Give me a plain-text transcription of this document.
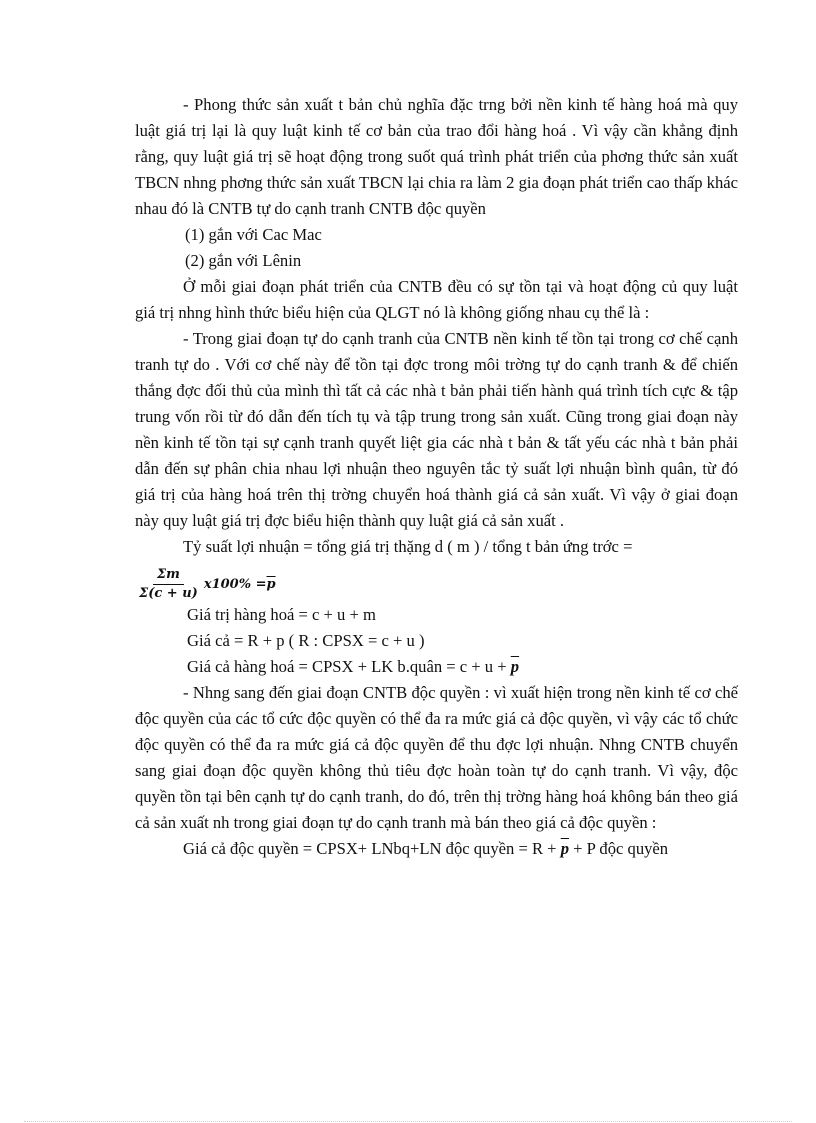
- Phong thức sản xuất t bản chủ nghĩa đặc trng bởi nền kinh tế hàng hoá mà quy luật giá trị lại là quy luật kinh tế cơ bản của trao đổi hàng hoá . Vì vậy cần khẳng định rằng, quy luật giá trị sẽ hoạt động trong suốt quá trình phát triển của phơng thức sản xuất TBCN nhng phơng thức sản xuất TBCN lại chia ra làm 2 gia đoạn phát triển cao thấp khác nhau đó là CNTB tự do cạnh tranh CNTB độc quyền

(1) gắn với Cac Mac

(2) gắn với Lênin

Ở mỗi giai đoạn phát triển của CNTB đều có sự tồn tại và hoạt động củ quy luật giá trị nhng hình thức biểu hiện của QLGT nó là không giống nhau cụ thể là :

- Trong giai đoạn tự do cạnh tranh của CNTB nền kinh tế tồn tại trong cơ chế cạnh tranh tự do . Với cơ chế này để tồn tại đợc trong môi trờng tự do cạnh tranh & để chiến thắng đợc đối thủ của mình thì tất cả các nhà t bản phải tiến hành quá trình tích cực & tập trung vốn rồi từ đó dẫn đến tích tụ và tập trung trong sản xuất. Cũng trong giai đoạn này nền kinh tế tồn tại sự cạnh tranh quyết liệt gia các nhà t bản & tất yếu các nhà t bản phải dẫn đến sự phân chia nhau lợi nhuận theo nguyên tắc tỷ suất lợi nhuận bình quân, từ đó giá trị của hàng hoá trên thị trờng chuyển hoá thành giá cả sản xuất. Vì vậy ở giai đoạn này quy luật giá trị đợc biểu hiện thành quy luật giá cả sản xuất .

Tỷ suất lợi nhuận = tổng giá trị thặng d ( m ) / tổng t bản ứng trớc =

$\frac{\Sigma m}{\Sigma(c + u)} x100\% = \overline{p}$

Giá trị hàng hoá = c + u + m

Giá cả = R + p ( R : CPSX = c + u )

Giá cả hàng hoá = CPSX + LK b.quân = $c + u + \overline{p}$

- Nhng sang đến giai đoạn CNTB độc quyền : vì xuất hiện trong nền kinh tế cơ chế độc quyền của các tổ cức độc quyền có thể đa ra mức giá cả độc quyền, vì vậy các tổ chức độc quyền có thể đa ra mức giá cả độc quyền để thu đợc lợi nhuận. Nhng CNTB chuyển sang giai đoạn độc quyền không thủ tiêu đợc hoàn toàn tự do cạnh tranh. Vì vậy, độc quyền tồn tại bên cạnh tự do cạnh tranh, do đó, trên thị trờng hàng hoá không bán theo giá cả sản xuất nh trong giai đoạn tự do cạnh tranh mà bán theo giá cả độc quyền :

Giá cả độc quyền = CPSX+ LNbq+LN độc quyền = $R + \overline{p} + P$ độc quyền
